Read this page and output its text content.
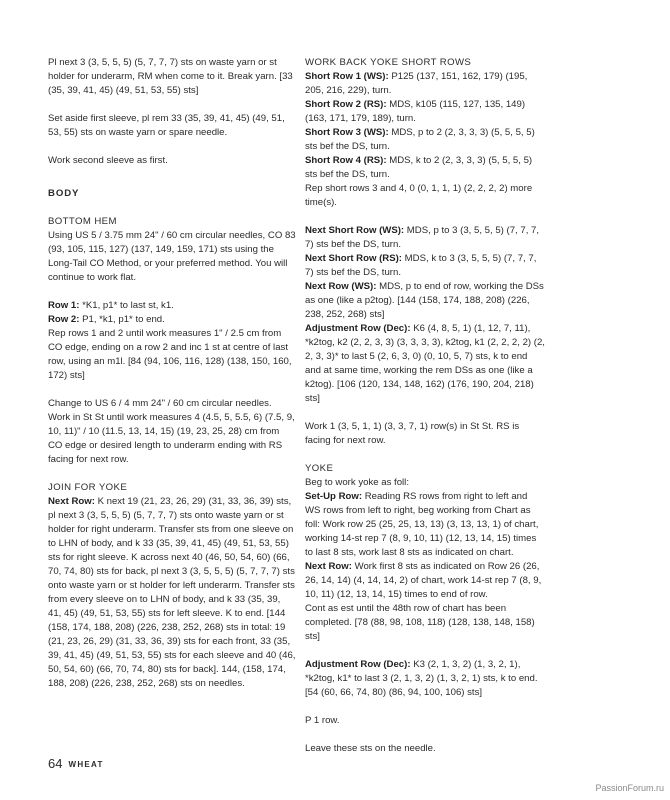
Pl next 3 (3, 5, 5, 5) (5, 7, 7, 7) sts on waste yarn or st holder for underarm, RM when come to it. Break yarn. [33 (35, 39, 41, 45) (49, 51, 53, 55) sts]

Set aside first sleeve, pl rem 33 (35, 39, 41, 45) (49, 51, 53, 55) sts on waste yarn or spare needle.

Work second sleeve as first.

BODY
BOTTOM HEM

Using US 5 / 3.75 mm 24" / 60 cm circular needles, CO 83 (93, 105, 115, 127) (137, 149, 159, 171) sts using the Long-Tail CO Method, or your preferred method. You will continue to work flat.

Row 1: *K1, p1* to last st, k1.

Row 2: P1, *k1, p1* to end.

Rep rows 1 and 2 until work measures 1" / 2.5 cm from CO edge, ending on a row 2 and inc 1 st at centre of last row, using an m1l. [84 (94, 106, 116, 128) (138, 150, 160, 172) sts]

Change to US 6 / 4 mm 24" / 60 cm circular needles. Work in St St until work measures 4 (4.5, 5, 5.5, 6) (7.5, 9, 10, 11)" / 10 (11.5, 13, 14, 15) (19, 23, 25, 28) cm from CO edge or desired length to underarm ending with RS facing for next row.

JOIN FOR YOKE

Next Row: K next 19 (21, 23, 26, 29) (31, 33, 36, 39) sts, pl next 3 (3, 5, 5, 5) (5, 7, 7, 7) sts onto waste yarn or st holder for right underarm. Transfer sts from one sleeve on to LHN of body, and k 33 (35, 39, 41, 45) (49, 51, 53, 55) sts for right sleeve. K across next 40 (46, 50, 54, 60) (66, 70, 74, 80) sts for back, pl next 3 (3, 5, 5, 5) (5, 7, 7, 7) sts onto waste yarn or st holder for left underarm. Transfer sts from every sleeve on to LHN of body, and k 33 (35, 39, 41, 45) (49, 51, 53, 55) sts for left sleeve. K to end. [144 (158, 174, 188, 208) (226, 238, 252, 268) sts in total: 19 (21, 23, 26, 29) (31, 33, 36, 39) sts for each front, 33 (35, 39, 41, 45) (49, 51, 53, 55) sts for each sleeve and 40 (46, 50, 54, 60) (66, 70, 74, 80) sts for back]. 144, (158, 174, 188, 208) (226, 238, 252, 268) sts on needles.

WORK BACK YOKE SHORT ROWS

Short Row 1 (WS): P125 (137, 151, 162, 179) (195, 205, 216, 229), turn.

Short Row 2 (RS): MDS, k105 (115, 127, 135, 149) (163, 171, 179, 189), turn.

Short Row 3 (WS): MDS, p to 2 (2, 3, 3, 3) (5, 5, 5, 5) sts bef the DS, turn.

Short Row 4 (RS): MDS, k to 2 (2, 3, 3, 3) (5, 5, 5, 5) sts bef the DS, turn.

Rep short rows 3 and 4, 0 (0, 1, 1, 1) (2, 2, 2, 2) more time(s).

Next Short Row (WS): MDS, p to 3 (3, 5, 5, 5) (7, 7, 7, 7) sts bef the DS, turn.

Next Short Row (RS): MDS, k to 3 (3, 5, 5, 5) (7, 7, 7, 7) sts bef the DS, turn.

Next Row (WS): MDS, p to end of row, working the DSs as one (like a p2tog). [144 (158, 174, 188, 208) (226, 238, 252, 268) sts]

Adjustment Row (Dec): K6 (4, 8, 5, 1) (1, 12, 7, 11), *k2tog, k2 (2, 2, 3, 3) (3, 3, 3, 3), k2tog, k1 (2, 2, 2, 2) (2, 2, 3, 3)* to last 5 (2, 6, 3, 0) (0, 10, 5, 7) sts, k to end and at same time, working the rem DSs as one (like a k2tog). [106 (120, 134, 148, 162) (176, 190, 204, 218) sts]

Work 1 (3, 5, 1, 1) (3, 3, 7, 1) row(s) in St St. RS is facing for next row.

YOKE

Beg to work yoke as foll:

Set-Up Row: Reading RS rows from right to left and WS rows from left to right, beg working from Chart as foll: Work row 25 (25, 25, 13, 13) (3, 13, 13, 1) of chart, working 14-st rep 7 (8, 9, 10, 11) (12, 13, 14, 15) times to last 8 sts, work last 8 sts as indicated on chart.

Next Row: Work first 8 sts as indicated on Row 26 (26, 26, 14, 14) (4, 14, 14, 2) of chart, work 14-st rep 7 (8, 9, 10, 11) (12, 13, 14, 15) times to end of row.

Cont as est until the 48th row of chart has been completed. [78 (88, 98, 108, 118) (128, 138, 148, 158) sts]

Adjustment Row (Dec): K3 (2, 1, 3, 2) (1, 3, 2, 1), *k2tog, k1* to last 3 (2, 1, 3, 2) (1, 3, 2, 1) sts, k to end. [54 (60, 66, 74, 80) (86, 94, 100, 106) sts]

P 1 row.

Leave these sts on the needle.

64 WHEAT
PassionForum.ru
